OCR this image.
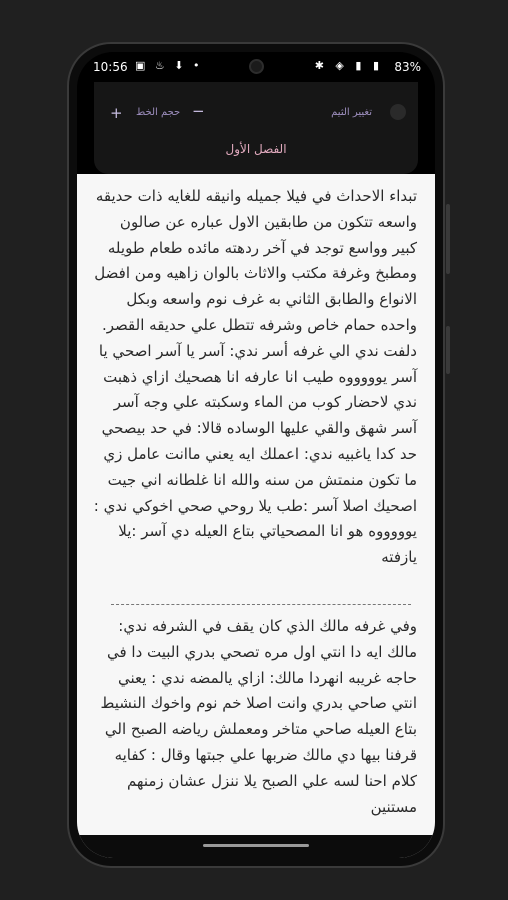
10:56 ▣ ♨ ⬇ •	✱ ◈ ▮ ▮ 83%
+ حجم الخط −	تغيير الثيم
الفصل الأول

تبداء الاحداث في فيلا جميله وانيقه للغايه ذات حديقه واسعه تتكون من طابقين الاول عباره عن صالون كبير وواسع توجد في آخر ردهته مائده طعام طويله ومطبخ وغرفة مكتب والاثاث بالوان زاهيه ومن افضل الانواع والطابق الثاني به غرف نوم واسعه وبكل واحده حمام خاص وشرفه تتطل علي حديقه القصر. دلفت ندي الي غرفه أسر ندي: آسر يا آسر اصحي يا آسر يوووووه طيب انا عارفه انا هصحيك ازاي ذهبت ندي لاحضار كوب من الماء وسكبته علي وجه آسر آسر شهق والقي عليها الوساده قالا: في حد بيصحي حد كدا ياغبيه ندي: اعملك ايه يعني ماانت عامل زي ما تكون منمتش من سنه والله انا غلطانه اني جيت اصحيك اصلا آسر :طب يلا روحي صحي اخوكي ندي : يوووووه هو انا المصحياتي بتاع العيله دي آسر :يلا يازفته

وفي غرفه مالك الذي كان يقف في الشرفه ندي: مالك ايه دا انتي اول مره تصحي بدري البيت دا في حاجه غريبه انهردا مالك: ازاي يالمضه ندي : يعني انتي صاحي بدري وانت اصلا خم نوم واخوك النشيط بتاع العيله صاحي متاخر ومعملش رياضه الصبح الي قرفنا بيها دي مالك ضربها علي جبتها وقال : كفايه كلام احنا لسه علي الصبح يلا ننزل عشان زمنهم مستنين
